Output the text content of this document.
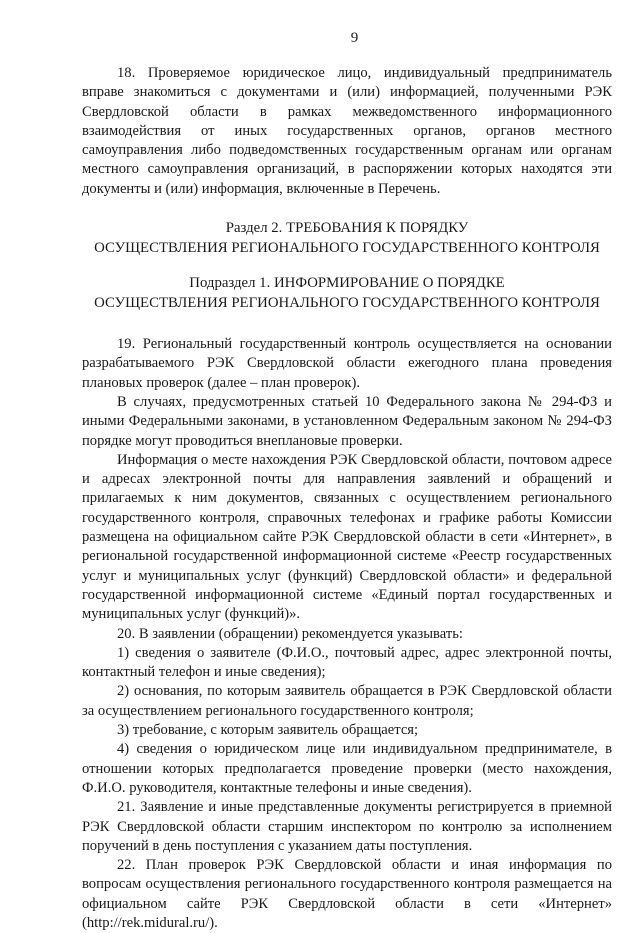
9

18. Проверяемое юридическое лицо, индивидуальный предприниматель вправе знакомиться с документами и (или) информацией, полученными РЭК Свердловской области в рамках межведомственного информационного взаимодействия от иных государственных органов, органов местного самоуправления либо подведомственных государственным органам или органам местного самоуправления организаций, в распоряжении которых находятся эти документы и (или) информация, включенные в Перечень.

Раздел 2. ТРЕБОВАНИЯ К ПОРЯДКУ
ОСУЩЕСТВЛЕНИЯ РЕГИОНАЛЬНОГО ГОСУДАРСТВЕННОГО КОНТРОЛЯ
Подраздел 1. ИНФОРМИРОВАНИЕ О ПОРЯДКЕ
ОСУЩЕСТВЛЕНИЯ РЕГИОНАЛЬНОГО ГОСУДАРСТВЕННОГО КОНТРОЛЯ

19. Региональный государственный контроль осуществляется на основании разрабатываемого РЭК Свердловской области ежегодного плана проведения плановых проверок (далее – план проверок).

В случаях, предусмотренных статьей 10 Федерального закона № 294-ФЗ и иными Федеральными законами, в установленном Федеральным законом № 294-ФЗ порядке могут проводиться внеплановые проверки.

Информация о месте нахождения РЭК Свердловской области, почтовом адресе и адресах электронной почты для направления заявлений и обращений и прилагаемых к ним документов, связанных с осуществлением регионального государственного контроля, справочных телефонах и графике работы Комиссии размещена на официальном сайте РЭК Свердловской области в сети «Интернет», в региональной государственной информационной системе «Реестр государственных услуг и муниципальных услуг (функций) Свердловской области» и федеральной государственной информационной системе «Единый портал государственных и муниципальных услуг (функций)».

20. В заявлении (обращении) рекомендуется указывать:

1) сведения о заявителе (Ф.И.О., почтовый адрес, адрес электронной почты, контактный телефон и иные сведения);

2) основания, по которым заявитель обращается в РЭК Свердловской области за осуществлением регионального государственного контроля;

3) требование, с которым заявитель обращается;

4) сведения о юридическом лице или индивидуальном предпринимателе, в отношении которых предполагается проведение проверки (место нахождения, Ф.И.О. руководителя, контактные телефоны и иные сведения).

21. Заявление и иные представленные документы регистрируется в приемной РЭК Свердловской области старшим инспектором по контролю за исполнением поручений в день поступления с указанием даты поступления.

22. План проверок РЭК Свердловской области и иная информация по вопросам осуществления регионального государственного контроля размещается на официальном сайте РЭК Свердловской области в сети «Интернет» (http://rek.midural.ru/).
